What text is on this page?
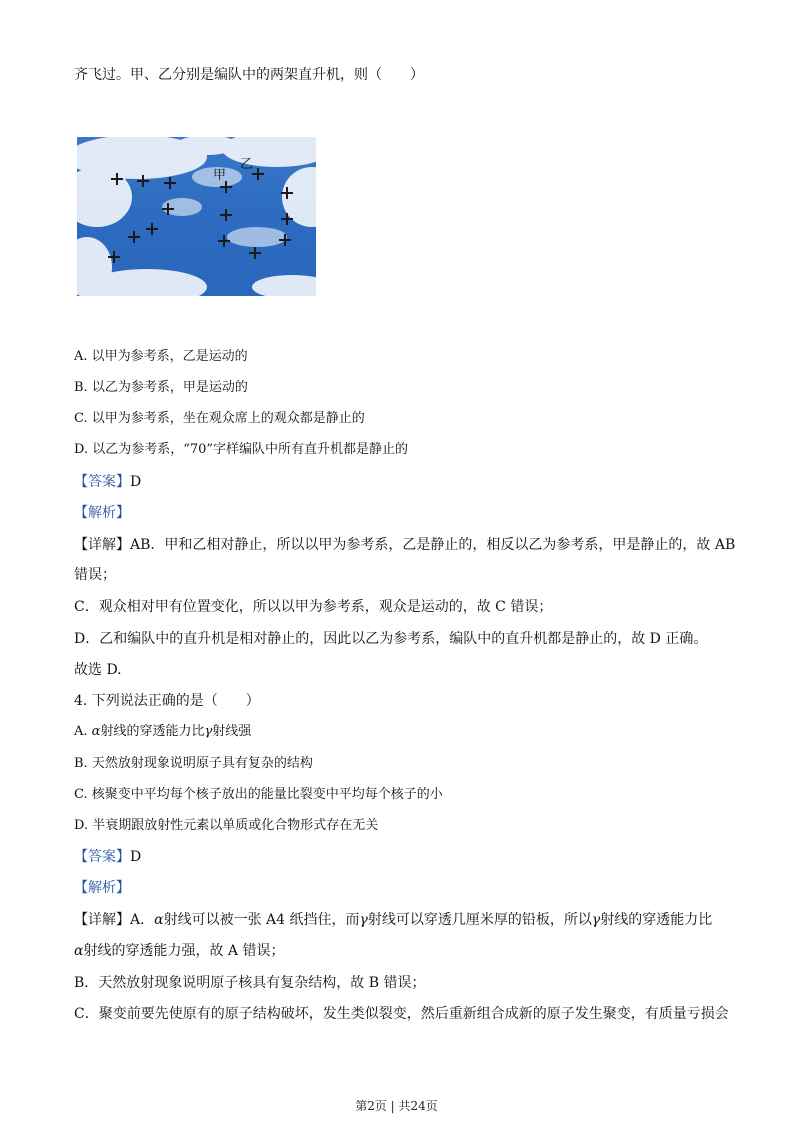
齐飞过。甲、乙分别是编队中的两架直升机，则（　　）
甲
乙
A. 以甲为参考系，乙是运动的
B. 以乙为参考系，甲是运动的
C. 以甲为参考系，坐在观众席上的观众都是静止的
D. 以乙为参考系，“70”字样编队中所有直升机都是静止的
【答案】D
【解析】
【详解】AB．甲和乙相对静止，所以以甲为参考系，乙是静止的，相反以乙为参考系，甲是静止的，故 AB
错误；
C．观众相对甲有位置变化，所以以甲为参考系，观众是运动的，故 C 错误；
D．乙和编队中的直升机是相对静止的，因此以乙为参考系，编队中的直升机都是静止的，故 D 正确。
故选 D.
4. 下列说法正确的是（　　）
A. α射线的穿透能力比γ射线强
B. 天然放射现象说明原子具有复杂的结构
C. 核聚变中平均每个核子放出的能量比裂变中平均每个核子的小
D. 半衰期跟放射性元素以单质或化合物形式存在无关
【答案】D
【解析】
【详解】A．α射线可以被一张 A4 纸挡住，而γ射线可以穿透几厘米厚的铅板，所以γ射线的穿透能力比
α射线的穿透能力强，故 A 错误；
B．天然放射现象说明原子核具有复杂结构，故 B 错误；
C．聚变前要先使原有的原子结构破坏，发生类似裂变，然后重新组合成新的原子发生聚变，有质量亏损会
第2页 | 共24页
